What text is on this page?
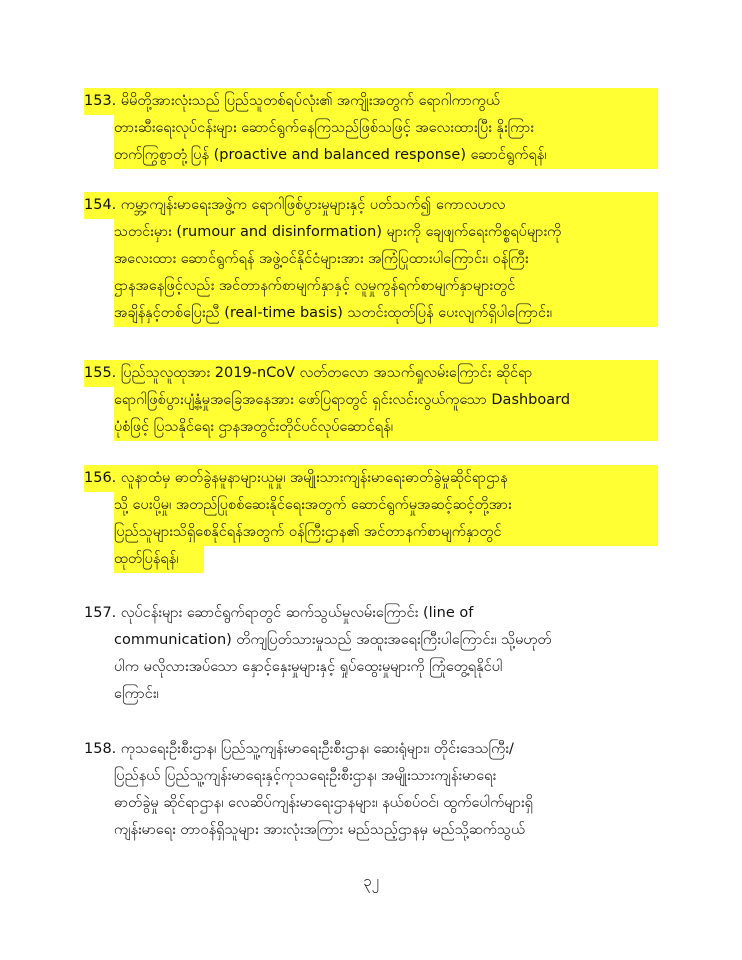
153. မိမိတို့အားလုံးသည် ပြည်သူတစ်ရပ်လုံး၏ အကျိုးအတွက် ရောဂါကာကွယ်
တားဆီးရေးလုပ်ငန်းများ ဆောင်ရွက်နေကြသည်ဖြစ်သဖြင့် အလေးထားပြီး နိုးကြား
တက်ကြွစွာတုံ့ပြန် (proactive and balanced response) ဆောင်ရွက်ရန်၊
154. ကမ္ဘာ့ကျန်းမာရေးအဖွဲ့က ရောဂါဖြစ်ပွားမှုများနှင့် ပတ်သက်၍ ကောလဟလ
သတင်းမှား (rumour and disinformation) များကို ချေဖျက်ရေးကိစ္စရပ်များကို
အလေးထား ဆောင်ရွက်ရန် အဖွဲ့ဝင်နိုင်ငံများအား အကြံပြုထားပါကြောင်း၊ ဝန်ကြီး
ဌာနအနေဖြင့်လည်း အင်တာနက်စာမျက်နှာနှင့် လူမှုကွန်ရက်စာမျက်နှာများတွင်
အချိန်နှင့်တစ်ပြေးညီ (real-time basis) သတင်းထုတ်ပြန် ပေးလျက်ရှိပါကြောင်း၊
155. ပြည်သူလူထုအား 2019-nCoV လတ်တလော အသက်ရှုလမ်းကြောင်း ဆိုင်ရာ
ရောဂါဖြစ်ပွားပျံ့နှံ့မှုအခြေအနေအား ဖော်ပြရာတွင် ရှင်းလင်းလွယ်ကူသော Dashboard
ပုံစံဖြင့် ပြသနိုင်ရေး ဌာနအတွင်းတိုင်ပင်လုပ်ဆောင်ရန်၊
156. လူနာထံမှ ဓာတ်ခွဲနမူနာများယူမှု၊ အမျိုးသားကျန်းမာရေးဓာတ်ခွဲမှုဆိုင်ရာဌာန
သို့ ပေးပို့မှု၊ အတည်ပြုစစ်ဆေးနိုင်ရေးအတွက် ဆောင်ရွက်မှုအဆင့်ဆင့်တို့အား
ပြည်သူများသိရှိစေနိုင်ရန်အတွက် ဝန်ကြီးဌာန၏ အင်တာနက်စာမျက်နှာတွင်
ထုတ်ပြန်ရန်၊
157. လုပ်ငန်းများ ဆောင်ရွက်ရာတွင် ဆက်သွယ်မှုလမ်းကြောင်း (line of
communication) တိကျပြတ်သားမှုသည် အထူးအရေးကြီးပါကြောင်း၊ သို့မဟုတ်
ပါက မလိုလားအပ်သော နှောင့်နှေးမှုများနှင့် ရှုပ်ထွေးမှုများကို ကြုံတွေ့ရနိုင်ပါ
ကြောင်း၊
158. ကုသရေးဦးစီးဌာန၊ ပြည်သူ့ကျန်းမာရေးဦးစီးဌာန၊ ဆေးရုံများ၊ တိုင်းဒေသကြီး/
ပြည်နယ် ပြည်သူ့ကျန်းမာရေးနှင့်ကုသရေးဦးစီးဌာန၊ အမျိုးသားကျန်းမာရေး
ဓာတ်ခွဲမှု ဆိုင်ရာဌာန၊ လေဆိပ်ကျန်းမာရေးဌာနများ၊ နယ်စပ်ဝင်၊ ထွက်ပေါက်များရှိ
ကျန်းမာရေး တာဝန်ရှိသူများ အားလုံးအကြား မည်သည့်ဌာနမှ မည်သို့ဆက်သွယ်
၃၂
